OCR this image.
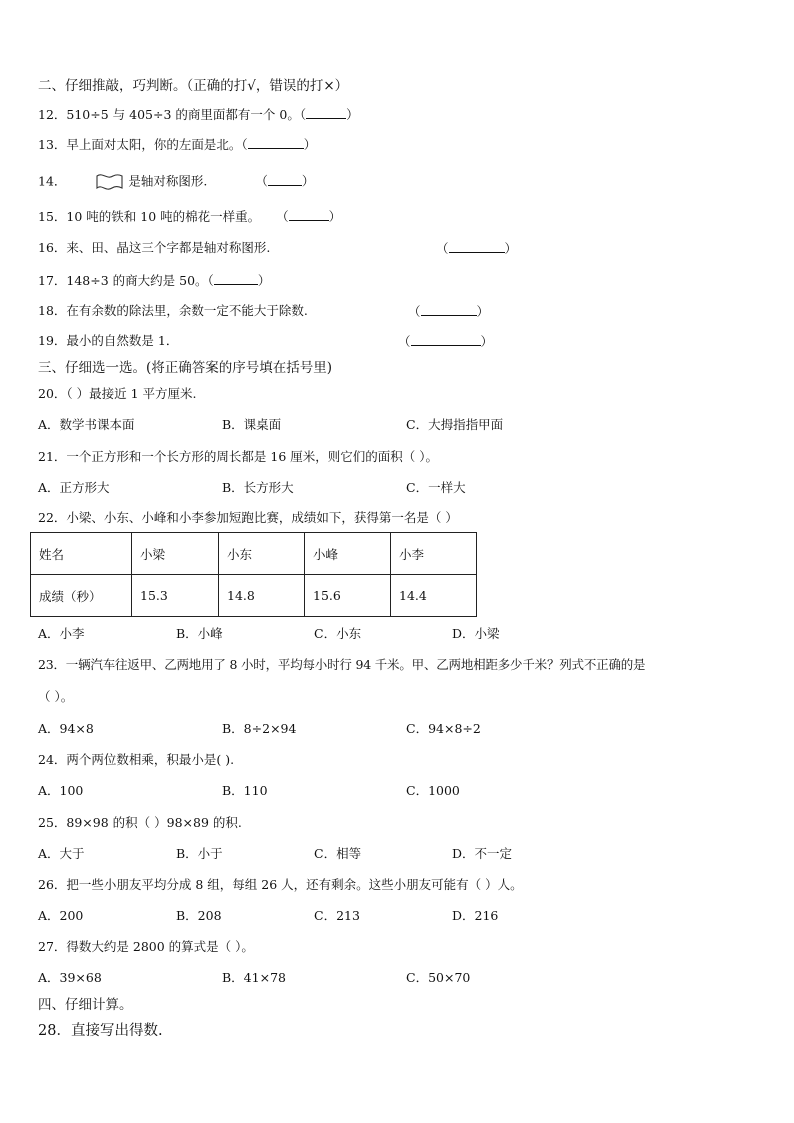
二、仔细推敲，巧判断。（正确的打√，错误的打×）
12．510÷5 与 405÷3 的商里面都有一个 0。（	）
13．早上面对太阳，你的左面是北。（	）
14．	是轴对称图形.	（	）
15．10 吨的铁和 10 吨的棉花一样重。 （	）
16．来、田、晶这三个字都是轴对称图形.	（	）
17．148÷3 的商大约是 50。（	）
18．在有余数的除法里，余数一定不能大于除数.	（	）
19．最小的自然数是 1．	（	）
三、仔细选一选。(将正确答案的序号填在括号里)
20．（ ）最接近 1 平方厘米.
A．数学书课本面	B．课桌面	C．大拇指指甲面
21．一个正方形和一个长方形的周长都是 16 厘米，则它们的面积（ ）。
A．正方形大	B．长方形大	C．一样大
22．小梁、小东、小峰和小李参加短跑比赛，成绩如下，获得第一名是（ ）
姓名	小梁	小东	小峰	小李
成绩（秒）	15.3	14.8	15.6	14.4
A．小李	B．小峰	C．小东	D．小梁
23．一辆汽车往返甲、乙两地用了 8 小时，平均每小时行 94 千米。甲、乙两地相距多少千米？列式不正确的是
（ ）。
A．94×8	B．8÷2×94	C．94×8÷2
24．两个两位数相乘，积最小是( ).
A．100	B．110	C．1000
25．89×98 的积（ ）98×89 的积.
A．大于	B．小于	C．相等	D．不一定
26．把一些小朋友平均分成 8 组，每组 26 人，还有剩余。这些小朋友可能有（ ）人。
A．200	B．208	C．213	D．216
27．得数大约是 2800 的算式是（ ）。
A．39×68	B．41×78	C．50×70
四、仔细计算。
28．直接写出得数.
